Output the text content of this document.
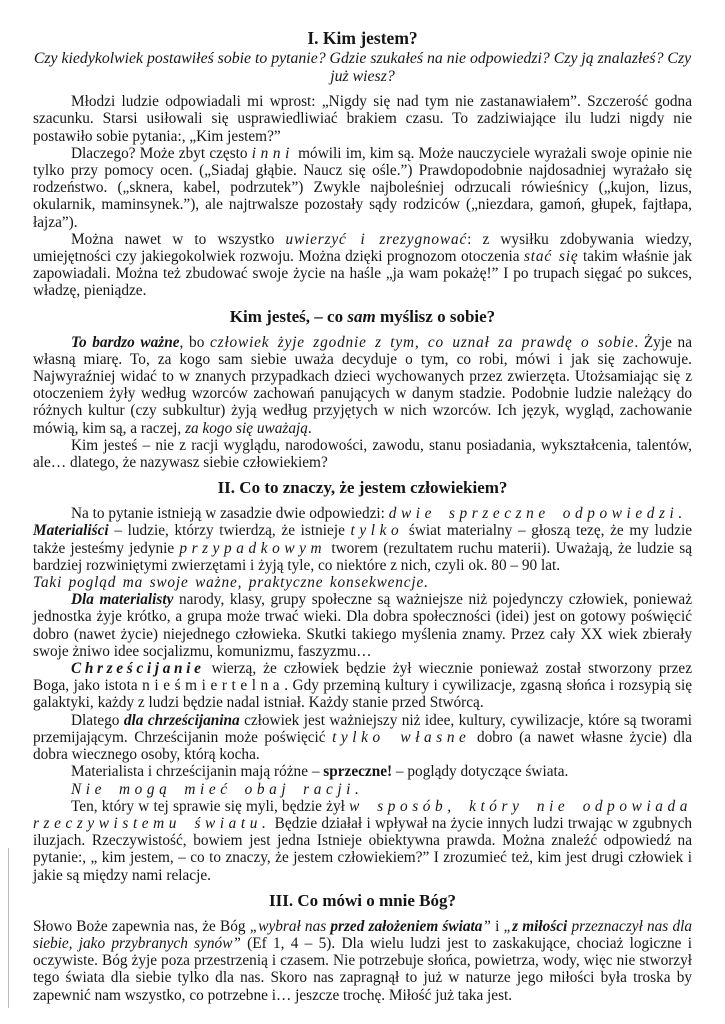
I. Kim jestem?
Czy kiedykolwiek postawiłeś sobie to pytanie? Gdzie szukałeś na nie odpowiedzi? Czy ją znalazłeś? Czy już wiesz?

Młodzi ludzie odpowiadali mi wprost: „Nigdy się nad tym nie zastanawiałem”. Szczerość godna szacunku. Starsi usiłowali się usprawiedliwiać brakiem czasu. To zadziwiające ilu ludzi nigdy nie postawiło sobie pytania:, „Kim jestem?”

Dlaczego? Może zbyt często inni mówili im, kim są. Może nauczyciele wyrażali swoje opinie nie tylko przy pomocy ocen. („Siadaj głąbie. Naucz się ośle.”) Prawdopodobnie najdosadniej wyrażało się rodzeństwo. („sknera, kabel, podrzutek”) Zwykle najboleśniej odrzucali rówieśnicy („kujon, lizus, okularnik, maminsynek.”), ale najtrwalsze pozostały sądy rodziców („niezdara, gamoń, głupek, fajtłapa, łajza”).

Można nawet w to wszystko uwierzyć i zrezygnować: z wysiłku zdobywania wiedzy, umiejętności czy jakiegokolwiek rozwoju. Można dzięki prognozom otoczenia stać się takim właśnie jak zapowiadali. Można też zbudować swoje życie na haśle „ja wam pokażę!” I po trupach sięgać po sukces, władzę, pieniądze.

Kim jesteś, – co sam myślisz o sobie?

To bardzo ważne, bo człowiek żyje zgodnie z tym, co uznał za prawdę o sobie. Żyje na własną miarę. To, za kogo sam siebie uważa decyduje o tym, co robi, mówi i jak się zachowuje. Najwyraźniej widać to w znanych przypadkach dzieci wychowanych przez zwierzęta. Utożsamiając się z otoczeniem żyły według wzorców zachowań panujących w danym stadzie. Podobnie ludzie należący do różnych kultur (czy subkultur) żyją według przyjętych w nich wzorców. Ich język, wygląd, zachowanie mówią, kim są, a raczej, za kogo się uważają.

Kim jesteś – nie z racji wyglądu, narodowości, zawodu, stanu posiadania, wykształcenia, talentów, ale… dlatego, że nazywasz siebie człowiekiem?

II. Co to znaczy, że jestem człowiekiem?

Na to pytanie istnieją w zasadzie dwie odpowiedzi: dwie sprzeczne odpowiedzi.

Materialiści – ludzie, którzy twierdzą, że istnieje tylko świat materialny – głoszą tezę, że my ludzie także jesteśmy jedynie przypadkowym tworem (rezultatem ruchu materii). Uważają, że ludzie są bardziej rozwiniętymi zwierzętami i żyją tyle, co niektóre z nich, czyli ok. 80 – 90 lat.

Taki pogląd ma swoje ważne, praktyczne konsekwencje.

Dla materialisty narody, klasy, grupy społeczne są ważniejsze niż pojedynczy człowiek, ponieważ jednostka żyje krótko, a grupa może trwać wieki. Dla dobra społeczności (idei) jest on gotowy poświęcić dobro (nawet życie) niejednego człowieka. Skutki takiego myślenia znamy. Przez cały XX wiek zbierały swoje żniwo idee socjalizmu, komunizmu, faszyzmu…

Chrześcijanie wierzą, że człowiek będzie żył wiecznie ponieważ został stworzony przez Boga, jako istota nieśmiertelna. Gdy przeminą kultury i cywilizacje, zgasną słońca i rozsypią się galaktyki, każdy z ludzi będzie nadal istniał. Każdy stanie przed Stwórcą.

Dlatego dla chrześcijanina człowiek jest ważniejszy niż idee, kultury, cywilizacje, które są tworami przemijającym. Chrześcijanin może poświęcić tylko własne dobro (a nawet własne życie) dla dobra wiecznego osoby, którą kocha.

Materialista i chrześcijanin mają różne – sprzeczne! – poglądy dotyczące świata.

Nie mogą mieć obaj racji.

Ten, który w tej sprawie się myli, będzie żył w sposób, który nie odpowiada rzeczywistemu światu. Będzie działał i wpływał na życie innych ludzi trwając w zgubnych iluzjach. Rzeczywistość, bowiem jest jedna Istnieje obiektywna prawda. Można znaleźć odpowiedź na pytanie:, „ kim jestem, – co to znaczy, że jestem człowiekiem?” I zrozumieć też, kim jest drugi człowiek i jakie są między nami relacje.

III. Co mówi o mnie Bóg?

Słowo Boże zapewnia nas, że Bóg „wybrał nas przed założeniem świata” i „z miłości przeznaczył nas dla siebie, jako przybranych synów” (Ef 1, 4 – 5). Dla wielu ludzi jest to zaskakujące, chociaż logiczne i oczywiste. Bóg żyje poza przestrzenią i czasem. Nie potrzebuje słońca, powietrza, wody, więc nie stworzył tego świata dla siebie tylko dla nas. Skoro nas zapragnął to już w naturze jego miłości była troska by zapewnić nam wszystko, co potrzebne i… jeszcze trochę. Miłość już taka jest.
